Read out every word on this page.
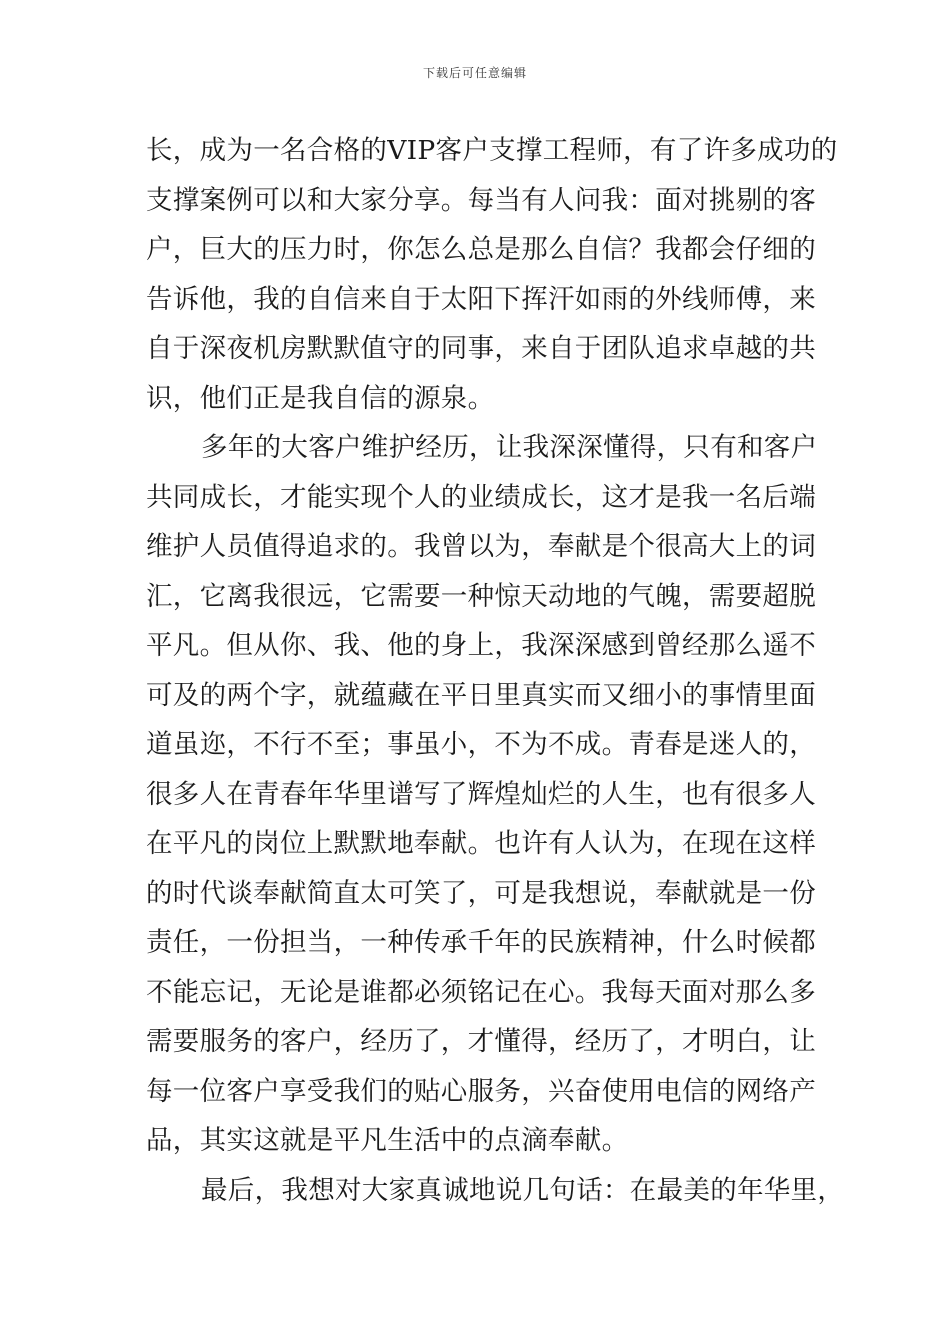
下载后可任意编辑
长，成为一名合格的VIP客户支撑工程师，有了许多成功的
支撑案例可以和大家分享。每当有人问我：面对挑剔的客
户，巨大的压力时，你怎么总是那么自信？我都会仔细的
告诉他，我的自信来自于太阳下挥汗如雨的外线师傅，来
自于深夜机房默默值守的同事，来自于团队追求卓越的共
识，他们正是我自信的源泉。
多年的大客户维护经历，让我深深懂得，只有和客户
共同成长，才能实现个人的业绩成长，这才是我一名后端
维护人员值得追求的。我曾以为，奉献是个很高大上的词
汇，它离我很远，它需要一种惊天动地的气魄，需要超脱
平凡。但从你、我、他的身上，我深深感到曾经那么遥不
可及的两个字，就蕴藏在平日里真实而又细小的事情里面
道虽迩，不行不至；事虽小，不为不成。青春是迷人的，
很多人在青春年华里谱写了辉煌灿烂的人生，也有很多人
在平凡的岗位上默默地奉献。也许有人认为，在现在这样
的时代谈奉献简直太可笑了，可是我想说，奉献就是一份
责任，一份担当，一种传承千年的民族精神，什么时候都
不能忘记，无论是谁都必须铭记在心。我每天面对那么多
需要服务的客户，经历了，才懂得，经历了，才明白，让
每一位客户享受我们的贴心服务，兴奋使用电信的网络产
品，其实这就是平凡生活中的点滴奉献。
最后，我想对大家真诚地说几句话：在最美的年华里，
